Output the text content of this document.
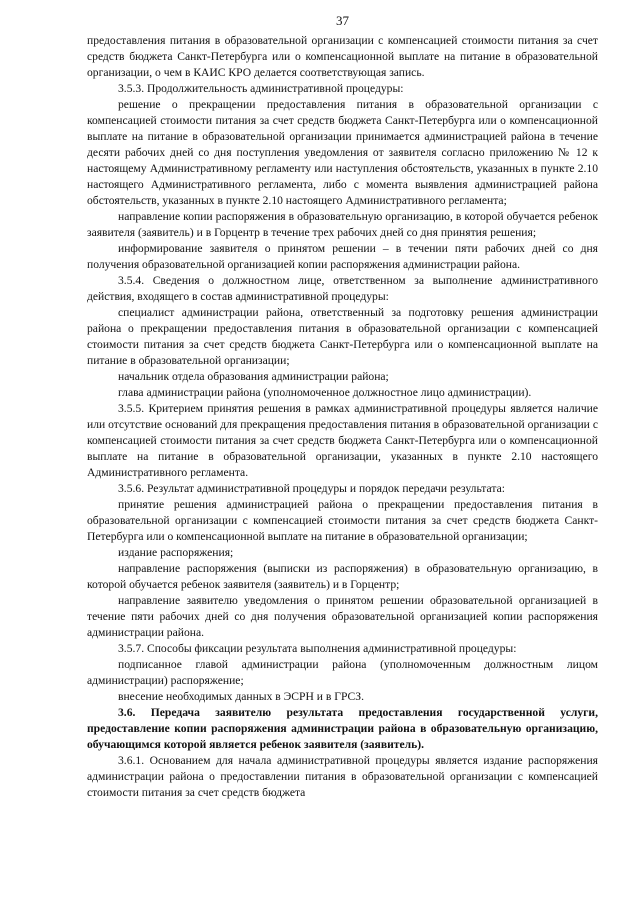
37

предоставления питания в образовательной организации с компенсацией стоимости питания за счет средств бюджета Санкт-Петербурга или о компенсационной выплате на питание в образовательной организации, о чем в КАИС КРО делается соответствующая запись.

3.5.3. Продолжительность административной процедуры:

решение о прекращении предоставления питания в образовательной организации с компенсацией стоимости питания за счет средств бюджета Санкт-Петербурга или о компенсационной выплате на питание в образовательной организации принимается администрацией района в течение десяти рабочих дней со дня поступления уведомления от заявителя согласно приложению № 12 к настоящему Административному регламенту или наступления обстоятельств, указанных в пункте 2.10 настоящего Административного регламента, либо с момента выявления администрацией района обстоятельств, указанных в пункте 2.10 настоящего Административного регламента;

направление копии распоряжения в образовательную организацию, в которой обучается ребенок заявителя (заявитель) и в Горцентр в течение трех рабочих дней со дня принятия решения;

информирование заявителя о принятом решении – в течении пяти рабочих дней со дня получения образовательной организацией копии распоряжения администрации района.

3.5.4. Сведения о должностном лице, ответственном за выполнение административного действия, входящего в состав административной процедуры:

специалист администрации района, ответственный за подготовку решения администрации района о прекращении предоставления питания в образовательной организации с компенсацией стоимости питания за счет средств бюджета Санкт-Петербурга или о компенсационной выплате на питание в образовательной организации;

начальник отдела образования администрации района;

глава администрации района (уполномоченное должностное лицо администрации).

3.5.5. Критерием принятия решения в рамках административной процедуры является наличие или отсутствие оснований для прекращения предоставления питания в образовательной организации с компенсацией стоимости питания за счет средств бюджета Санкт-Петербурга или о компенсационной выплате на питание в образовательной организации, указанных в пункте 2.10 настоящего Административного регламента.

3.5.6. Результат административной процедуры и порядок передачи результата:

принятие решения администрацией района о прекращении предоставления питания в образовательной организации с компенсацией стоимости питания за счет средств бюджета Санкт-Петербурга или о компенсационной выплате на питание в образовательной организации;

издание распоряжения;

направление распоряжения (выписки из распоряжения) в образовательную организацию, в которой обучается ребенок заявителя (заявитель) и в Горцентр;

направление заявителю уведомления о принятом решении образовательной организацией в течение пяти рабочих дней со дня получения образовательной организацией копии распоряжения администрации района.

3.5.7. Способы фиксации результата выполнения административной процедуры:

подписанное главой администрации района (уполномоченным должностным лицом администрации) распоряжение;

внесение необходимых данных в ЭСРН и в ГРСЗ.

3.6. Передача заявителю результата предоставления государственной услуги, предоставление копии распоряжения администрации района в образовательную организацию, обучающимся которой является ребенок заявителя (заявитель).

3.6.1. Основанием для начала административной процедуры является издание распоряжения администрации района о предоставлении питания в образовательной организации с компенсацией стоимости питания за счет средств бюджета
